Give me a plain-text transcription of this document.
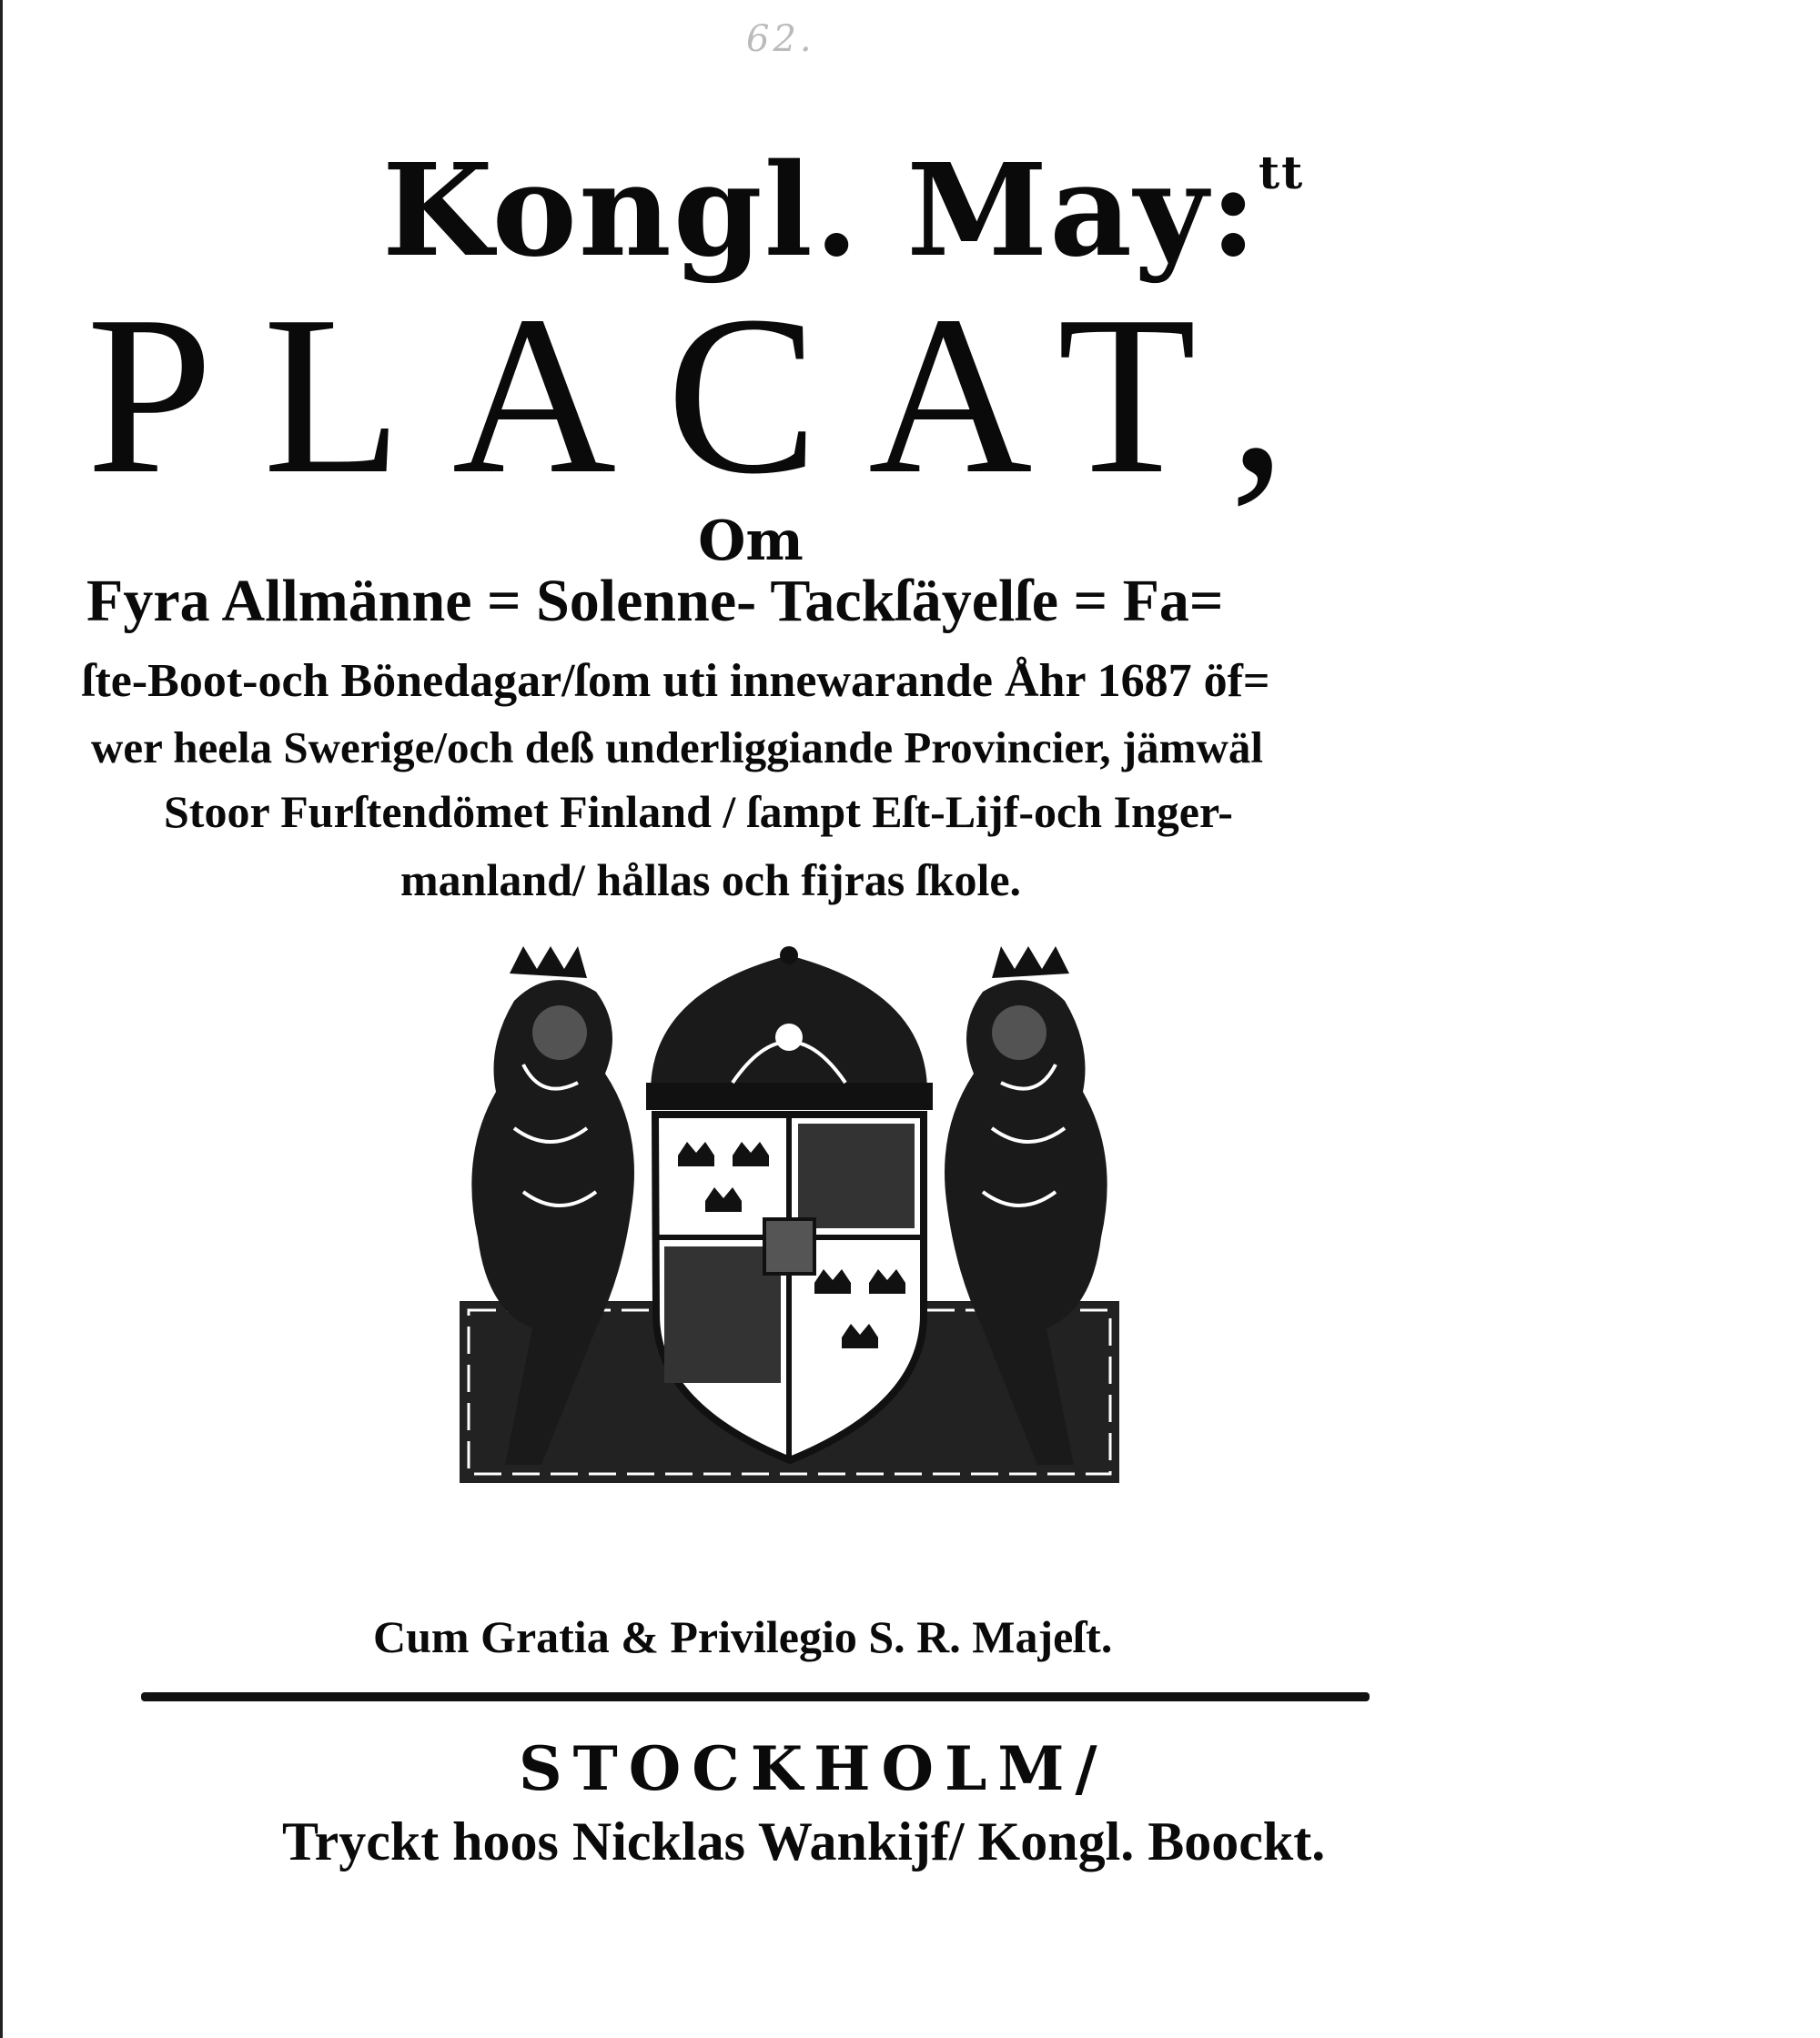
62.
Kongl. May:$^{tt}$
PLACAT,
Om
Fyra Allmänne = Solenne- Tackſäyelſe = Fa=
ſte-Boot-och Bönedagar/ſom uti innewarande Åhr 1687 öf=
wer heela Swerige/och deß underliggiande Provincier, jämwäl
Stoor Furſtendömet Finland / ſampt Eſt-Lijf-och Inger-
manland/ hållas och fijras ſkole.
Cum Gratia & Privilegio S. R. Majeſt.
STOCKHOLM/
Tryckt hoos Nicklas Wankijf/ Kongl. Boockt.
